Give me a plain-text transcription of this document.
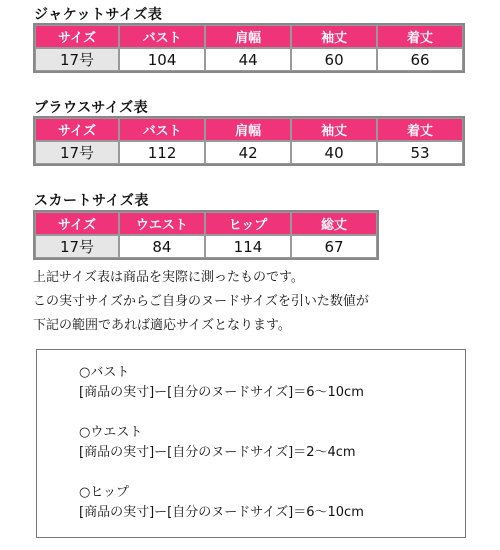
ジャケットサイズ表
サイズ	バスト	肩幅	袖丈	着丈
17号	104	44	60	66
ブラウスサイズ表
サイズ	バスト	肩幅	袖丈	着丈
17号	112	42	40	53
スカートサイズ表
サイズ	ウエスト	ヒップ	総丈
17号	84	114	67
上記サイズ表は商品を実際に測ったものです。
この実寸サイズからご自身のヌードサイズを引いた数値が
下記の範囲であれば適応サイズとなります。
○バスト
[商品の実寸]ー[自分のヌードサイズ]＝6～10cm
○ウエスト
[商品の実寸]ー[自分のヌードサイズ]＝2～4cm
○ヒップ
[商品の実寸]ー[自分のヌードサイズ]＝6～10cm
